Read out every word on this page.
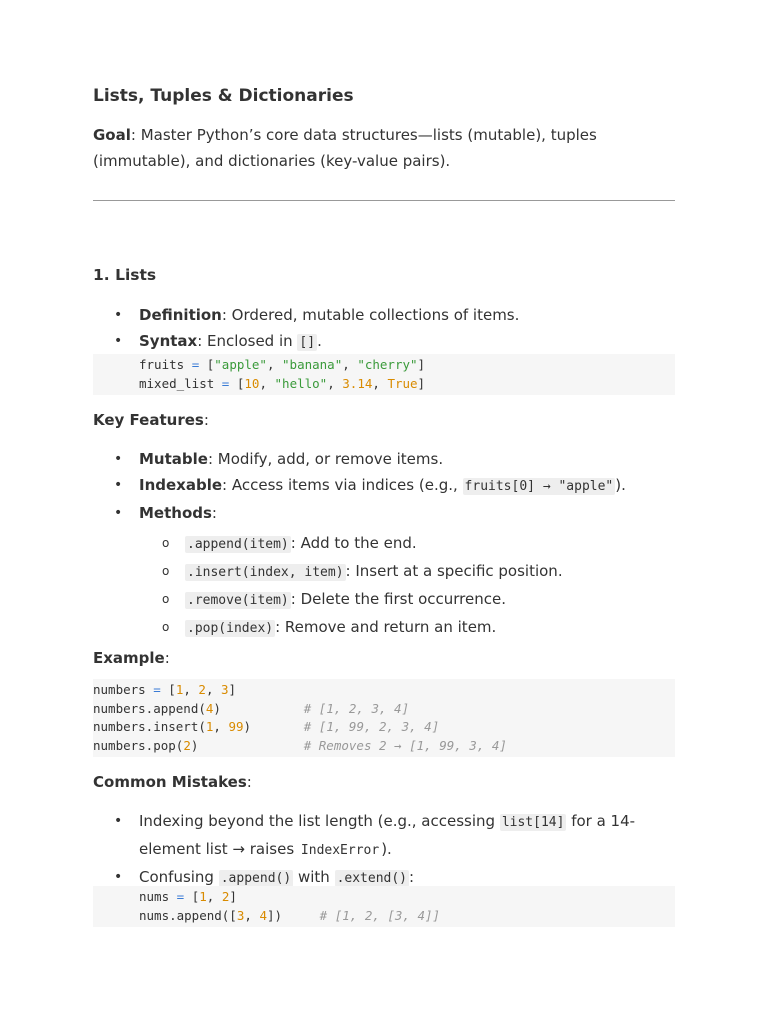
Lists, Tuples & Dictionaries

Goal: Master Python’s core data structures—lists (mutable), tuples (immutable), and dictionaries (key-value pairs).

1. Lists
• Definition: Ordered, mutable collections of items.
• Syntax: Enclosed in [] .
fruits = ["apple", "banana", "cherry"]
mixed_list = [10, "hello", 3.14, True]

Key Features:

• Mutable: Modify, add, or remove items.
• Indexable: Access items via indices (e.g., fruits[0] → "apple" ).
• Methods:
o .append(item) : Add to the end.
o .insert(index, item) : Insert at a specific position.
o .remove(item) : Delete the first occurrence.
o .pop(index) : Remove and return an item.

Example:

numbers = [1, 2, 3]
numbers.append(4)	# [1, 2, 3, 4]
numbers.insert(1, 99)	# [1, 99, 2, 3, 4]
numbers.pop(2)	# Removes 2 → [1, 99, 3, 4]

Common Mistakes:

• Indexing beyond the list length (e.g., accessing list[14] for a 14-element list → raises IndexError ).
• Confusing .append() with .extend() :
nums = [1, 2]
nums.append([3, 4])	# [1, 2, [3, 4]]
